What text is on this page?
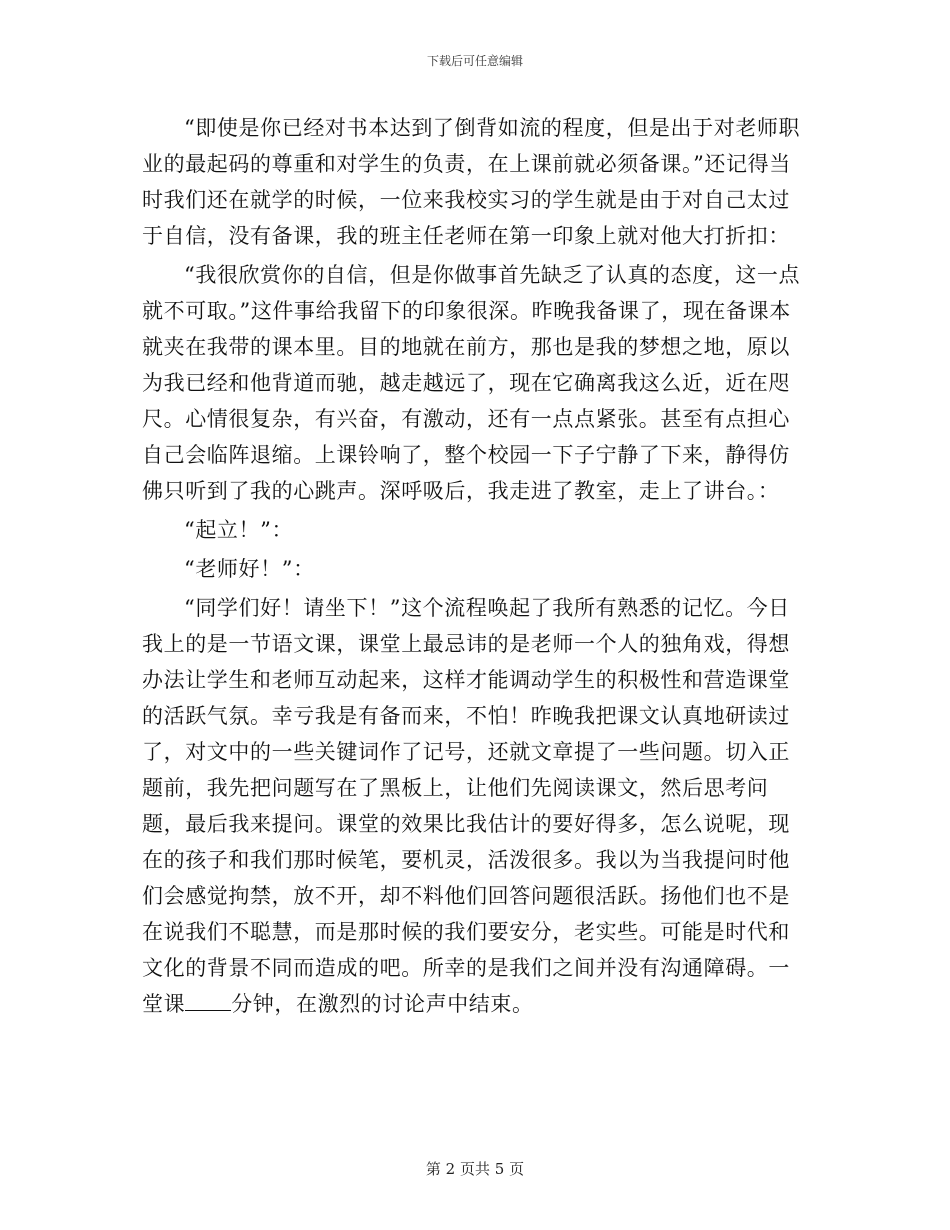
下载后可任意编辑

“即使是你已经对书本达到了倒背如流的程度，但是出于对老师职业的最起码的尊重和对学生的负责，在上课前就必须备课。”还记得当时我们还在就学的时候，一位来我校实习的学生就是由于对自己太过于自信，没有备课，我的班主任老师在第一印象上就对他大打折扣：

“我很欣赏你的自信，但是你做事首先缺乏了认真的态度，这一点就不可取。”这件事给我留下的印象很深。昨晚我备课了，现在备课本就夹在我带的课本里。目的地就在前方，那也是我的梦想之地，原以为我已经和他背道而驰，越走越远了，现在它确离我这么近，近在咫尺。心情很复杂，有兴奋，有激动，还有一点点紧张。甚至有点担心自己会临阵退缩。上课铃响了，整个校园一下子宁静了下来，静得仿佛只听到了我的心跳声。深呼吸后，我走进了教室，走上了讲台。：

“起立！”：

“老师好！”：

“同学们好！请坐下！”这个流程唤起了我所有熟悉的记忆。今日我上的是一节语文课，课堂上最忌讳的是老师一个人的独角戏，得想办法让学生和老师互动起来，这样才能调动学生的积极性和营造课堂的活跃气氛。幸亏我是有备而来，不怕！昨晚我把课文认真地研读过了，对文中的一些关键词作了记号，还就文章提了一些问题。切入正题前，我先把问题写在了黑板上，让他们先阅读课文，然后思考问题，最后我来提问。课堂的效果比我估计的要好得多，怎么说呢，现在的孩子和我们那时候笔，要机灵，活泼很多。我以为当我提问时他们会感觉拘禁，放不开，却不料他们回答问题很活跃。扬他们也不是在说我们不聪慧，而是那时候的我们要安分，老实些。可能是时代和文化的背景不同而造成的吧。所幸的是我们之间并没有沟通障碍。一堂课 分钟，在激烈的讨论声中结束。

第 2 页共 5 页
